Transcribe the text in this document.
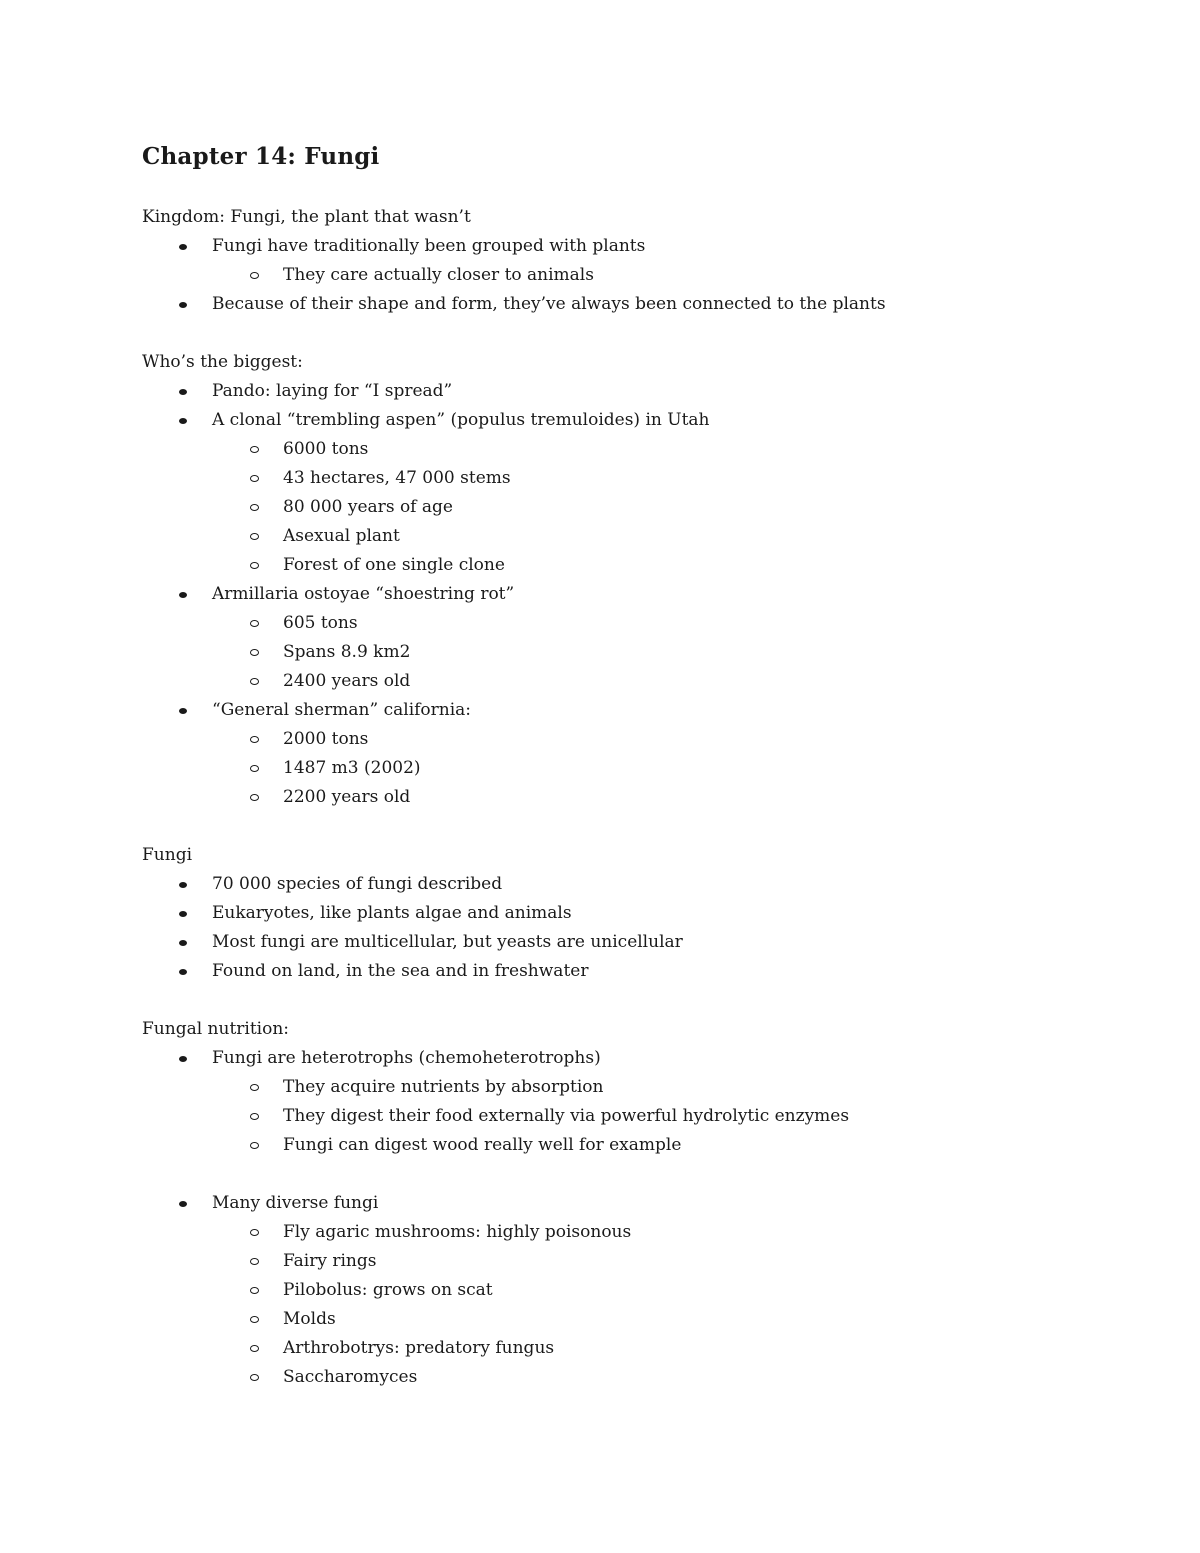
Chapter 14: Fungi
Kingdom: Fungi, the plant that wasn’t
Fungi have traditionally been grouped with plants
They care actually closer to animals
Because of their shape and form, they’ve always been connected to the plants
Who’s the biggest:
Pando: laying for “I spread”
A clonal “trembling aspen” (populus tremuloides) in Utah
6000 tons
43 hectares, 47 000 stems
80 000 years of age
Asexual plant
Forest of one single clone
Armillaria ostoyae “shoestring rot”
605 tons
Spans 8.9 km2
2400 years old
“General sherman” california:
2000 tons
1487 m3 (2002)
2200 years old
Fungi
70 000 species of fungi described
Eukaryotes, like plants algae and animals
Most fungi are multicellular, but yeasts are unicellular
Found on land, in the sea and in freshwater
Fungal nutrition:
Fungi are heterotrophs (chemoheterotrophs)
They acquire nutrients by absorption
They digest their food externally via powerful hydrolytic enzymes
Fungi can digest wood really well for example
Many diverse fungi
Fly agaric mushrooms: highly poisonous
Fairy rings
Pilobolus: grows on scat
Molds
Arthrobotrys: predatory fungus
Saccharomyces
